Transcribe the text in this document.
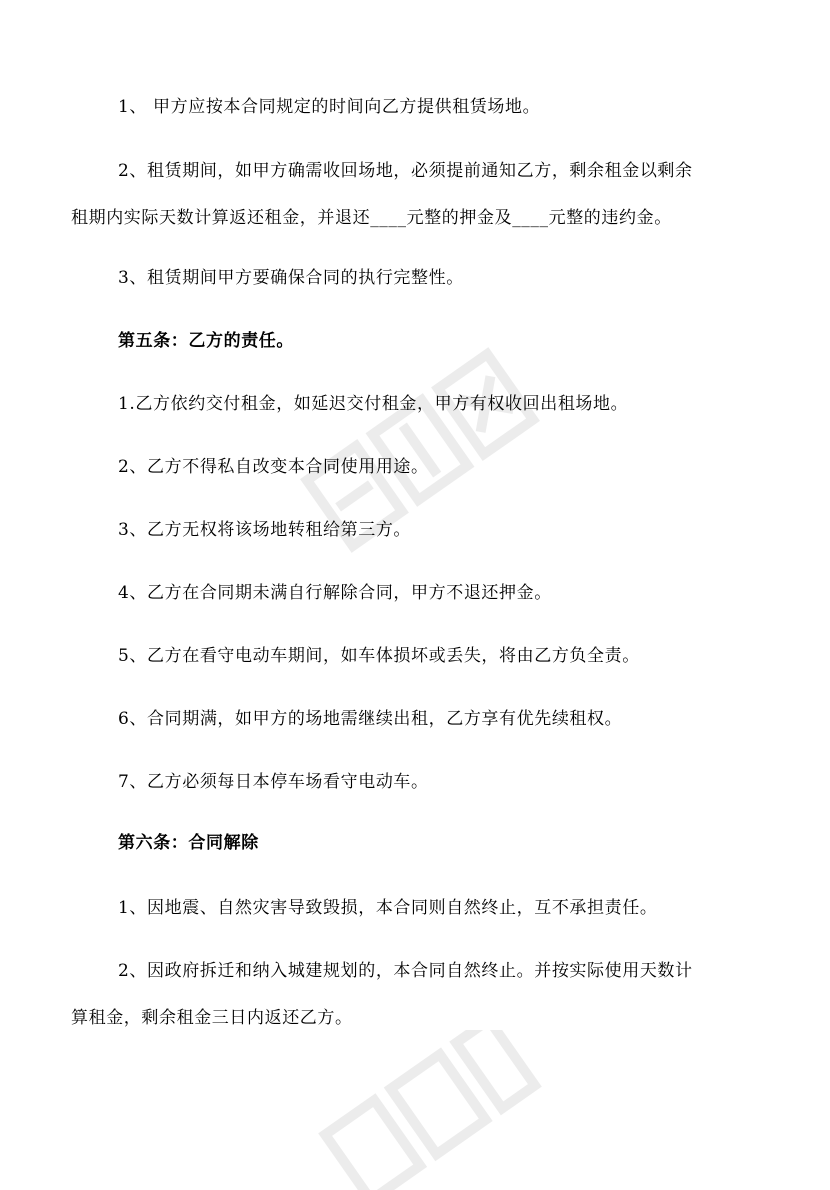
1、 甲方应按本合同规定的时间向乙方提供租赁场地。

2、租赁期间，如甲方确需收回场地，必须提前通知乙方，剩余租金以剩余

租期内实际天数计算返还租金，并退还____元整的押金及____元整的违约金。

3、租赁期间甲方要确保合同的执行完整性。

第五条：乙方的责任。

1.乙方依约交付租金，如延迟交付租金，甲方有权收回出租场地。

2、乙方不得私自改变本合同使用用途。

3、乙方无权将该场地转租给第三方。

4、乙方在合同期未满自行解除合同，甲方不退还押金。

5、乙方在看守电动车期间，如车体损坏或丢失，将由乙方负全责。

6、合同期满，如甲方的场地需继续出租，乙方享有优先续租权。

7、乙方必须每日本停车场看守电动车。

第六条：合同解除

1、因地震、自然灾害导致毁损，本合同则自然终止，互不承担责任。

2、因政府拆迁和纳入城建规划的，本合同自然终止。并按实际使用天数计

算租金，剩余租金三日内返还乙方。
